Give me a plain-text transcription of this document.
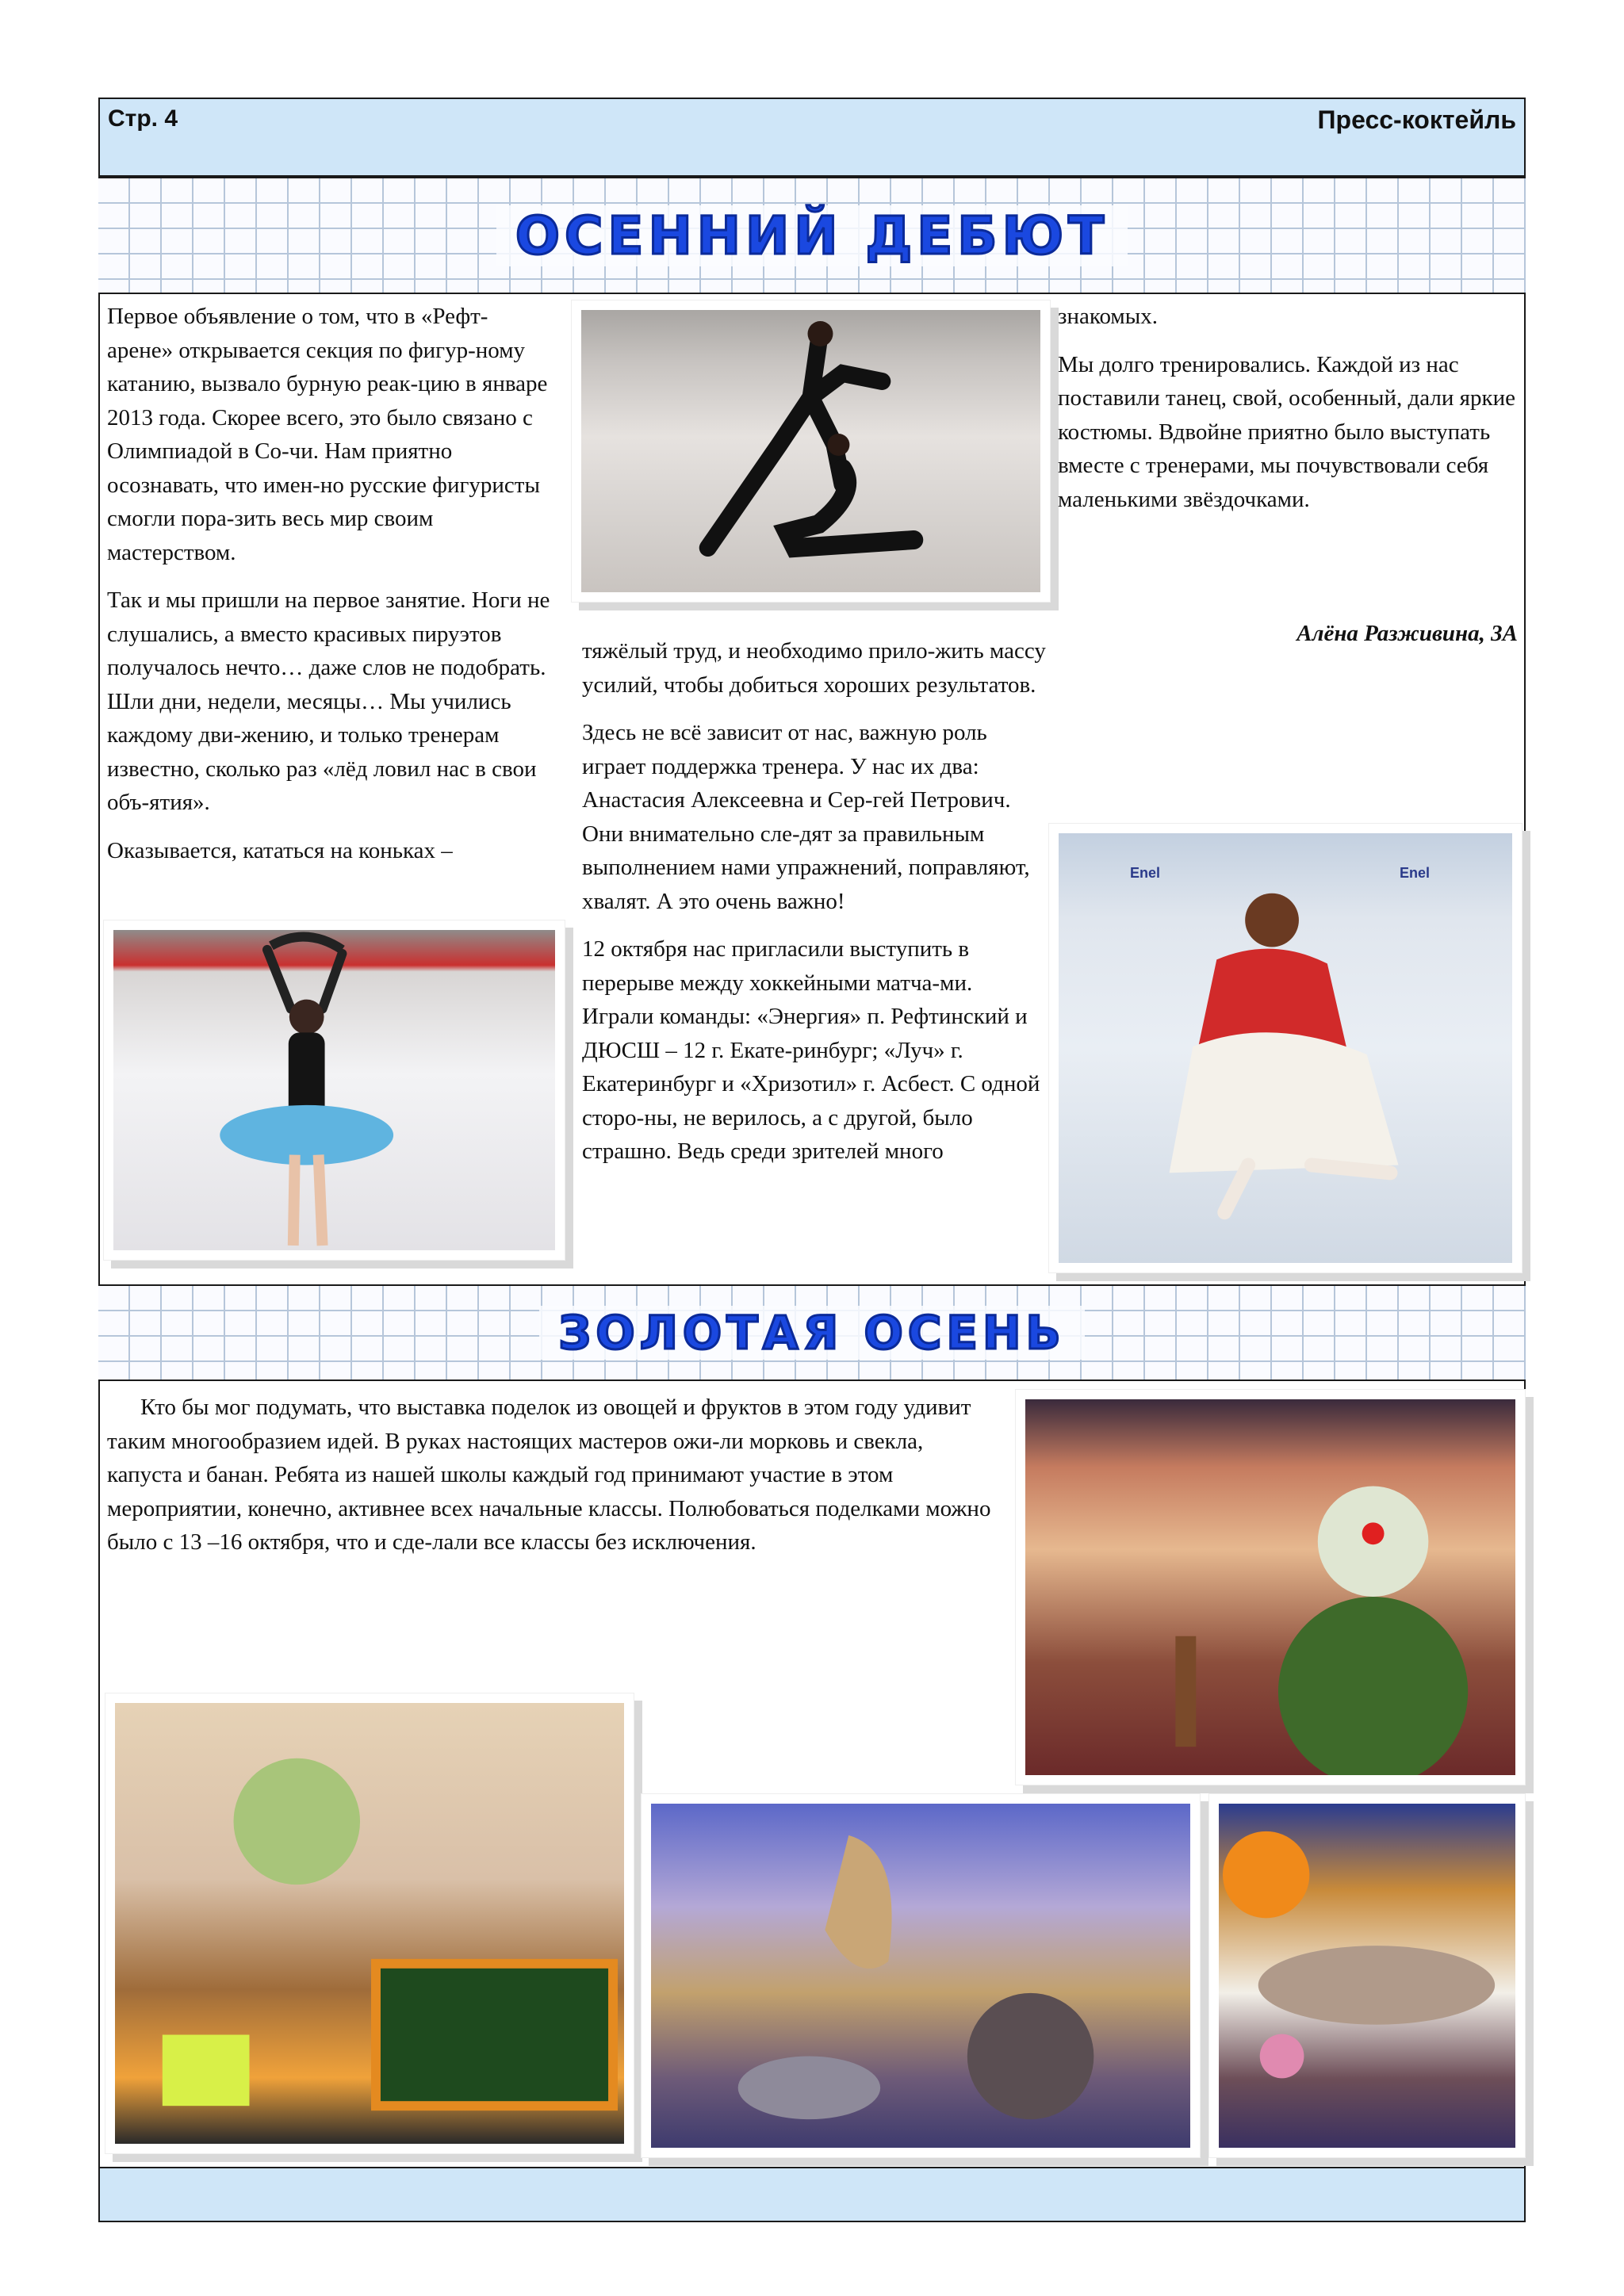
Стр. 4	Пресс-коктейль
ОСЕННИЙ ДЕБЮТ

Первое объявление о том, что в «Рефт-арене» открывается секция по фигур-ному катанию, вызвало бурную реак-цию в январе 2013 года. Скорее всего, это было связано с Олимпиадой в Со-чи. Нам приятно осознавать, что имен-но русские фигуристы смогли пора-зить весь мир своим мастерством.

Так и мы пришли на первое занятие. Ноги не слушались, а вместо красивых пируэтов получалось нечто… даже слов не подобрать. Шли дни, недели, месяцы… Мы учились каждому дви-жению, и только тренерам известно, сколько раз «лёд ловил нас в свои объ-ятия».

Оказывается, кататься на коньках –

тяжёлый труд, и необходимо прило-жить массу усилий, чтобы добиться хороших результатов.

Здесь не всё зависит от нас, важную роль играет поддержка тренера. У нас их два: Анастасия Алексеевна и Сер-гей Петрович. Они внимательно сле-дят за правильным выполнением нами упражнений, поправляют, хвалят. А это очень важно!

12 октября нас пригласили выступить в перерыве между хоккейными матча-ми. Играли команды: «Энергия» п. Рефтинский и ДЮСШ – 12 г. Екате-ринбург; «Луч» г. Екатеринбург и «Хризотил» г. Асбест. С одной сторо-ны, не верилось, а с другой, было страшно. Ведь среди зрителей много

знакомых.

Мы долго тренировались. Каждой из нас поставили танец, свой, особенный, дали яркие костюмы. Вдвойне приятно было выступать вместе с тренерами, мы почувствовали себя маленькими звёздочками.

Алёна Разживина, 3А
Enel	Enel
ЗОЛОТАЯ ОСЕНЬ
Кто бы мог подумать, что выставка поделок из овощей и фруктов в этом году удивит таким многообразием идей. В руках настоящих мастеров ожи-ли морковь и свекла, капуста и банан. Ребята из нашей школы каждый год принимают участие в этом мероприятии, конечно, активнее всех начальные классы. Полюбоваться поделками можно было с 13 –16 октября, что и сде-лали все классы без исключения.
